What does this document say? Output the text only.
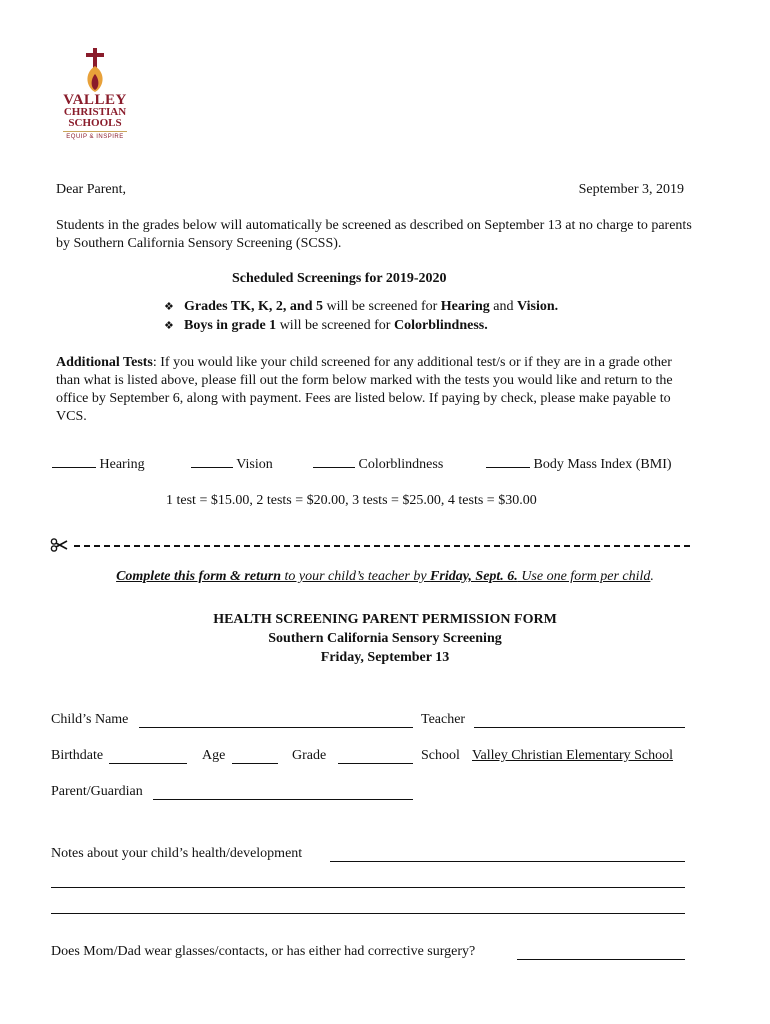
VALLEY
CHRISTIAN
SCHOOLS
EQUIP & INSPIRE
Dear Parent,	September 3, 2019
Students in the grades below will automatically be screened as described on September 13 at no charge to parents by Southern California Sensory Screening (SCSS).
Scheduled Screenings for 2019-2020
❖ Grades TK, K, 2, and 5 will be screened for Hearing and Vision.
❖ Boys in grade 1 will be screened for Colorblindness.
Additional Tests: If you would like your child screened for any additional test/s or if they are in a grade other than what is listed above, please fill out the form below marked with the tests you would like and return to the office by September 6, along with payment. Fees are listed below. If paying by check, please make payable to VCS.
Hearing	Vision	Colorblindness	Body Mass Index (BMI)
1 test = $15.00, 2 tests = $20.00, 3 tests = $25.00, 4 tests = $30.00
Complete this form & return to your child’s teacher by Friday, Sept. 6. Use one form per child.
HEALTH SCREENING PARENT PERMISSION FORM
Southern California Sensory Screening
Friday, September 13
Child’s Name	Teacher
Birthdate	Age	Grade	School Valley Christian Elementary School
Parent/Guardian
Notes about your child’s health/development
Does Mom/Dad wear glasses/contacts, or has either had corrective surgery?
